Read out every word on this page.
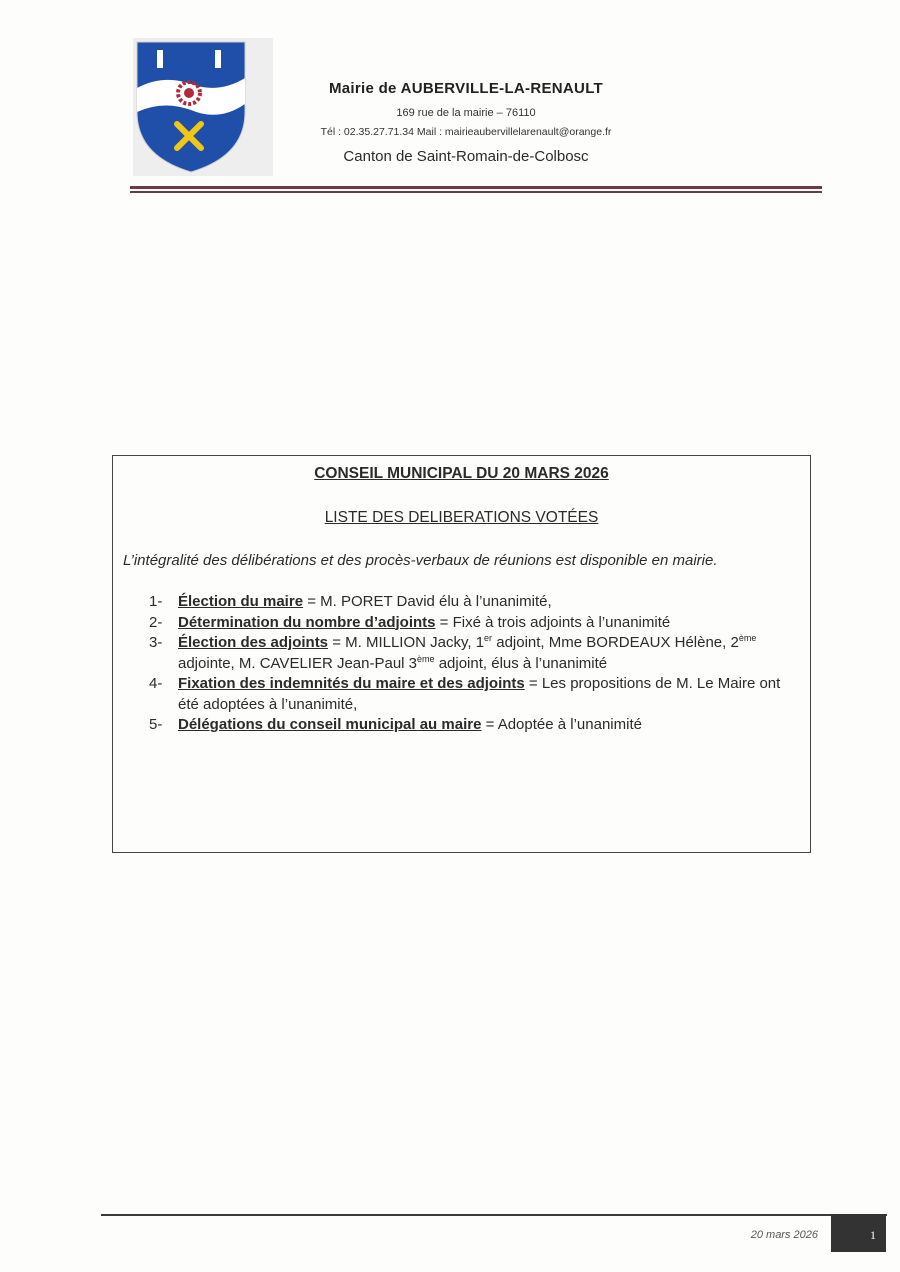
Mairie de AUBERVILLE-LA-RENAULT

169 rue de la mairie – 76110

Tél : 02.35.27.71.34 Mail : mairieaubervillelarenault@orange.fr

Canton de Saint-Romain-de-Colbosc

CONSEIL MUNICIPAL DU 20 MARS 2026
LISTE DES DELIBERATIONS VOTÉES
L’intégralité des délibérations et des procès-verbaux de réunions est disponible en mairie.
1- Élection du maire = M. PORET David élu à l’unanimité,
2- Détermination du nombre d’adjoints = Fixé à trois adjoints à l’unanimité
3- Élection des adjoints = M. MILLION Jacky, 1er adjoint, Mme BORDEAUX Hélène, 2ème adjointe, M. CAVELIER Jean-Paul 3ème adjoint, élus à l’unanimité
4- Fixation des indemnités du maire et des adjoints = Les propositions de M. Le Maire ont été adoptées à l’unanimité,
5- Délégations du conseil municipal au maire = Adoptée à l’unanimité
20 mars 2026	1
